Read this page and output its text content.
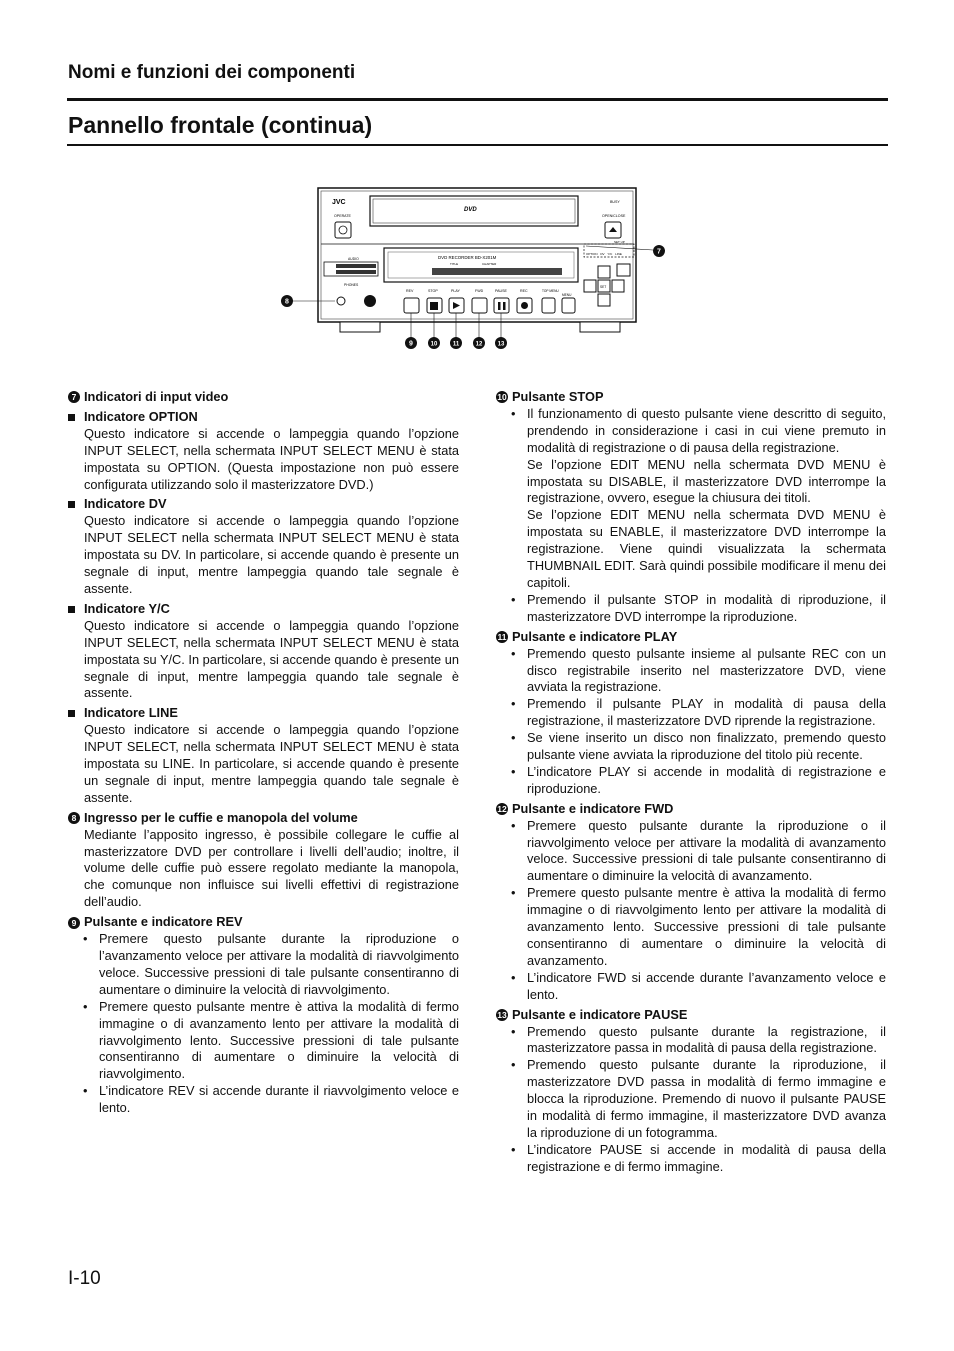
Nomi e funzioni dei componenti
Pannello frontale (continua)
JVC
OPERATE
DVD
BUSY
OPEN/CLOSE
AUDIO
PHONES
DVD RECORDER BD-X201M
TITLE	CHAPTER
OPTION DV Y/C LINE
SET UP
REV	STOP	PLAY	FWD	PAUSE	REC	TOP MENU
MENU
SET
7
8
9	10	11	12	13

7 Indicatori di input video

Indicatore OPTION

Questo indicatore si accende o lampeggia quando l’opzione INPUT SELECT, nella schermata INPUT SELECT MENU è stata impostata su OPTION. (Questa impostazione non può essere configurata utilizzando solo il masterizzatore DVD.)

Indicatore DV

Questo indicatore si accende o lampeggia quando l’opzione INPUT SELECT nella schermata INPUT SELECT MENU è stata impostata su DV. In particolare, si accende quando è presente un segnale di input, mentre lampeggia quando tale segnale è assente.

Indicatore Y/C

Questo indicatore si accende o lampeggia quando l’opzione INPUT SELECT, nella schermata INPUT SELECT MENU è stata impostata su Y/C. In particolare, si accende quando è presente un segnale di input, mentre lampeggia quando tale segnale è assente.

Indicatore LINE

Questo indicatore si accende o lampeggia quando l’opzione INPUT SELECT, nella schermata INPUT SELECT MENU è stata impostata su LINE. In particolare, si accende quando è presente un segnale di input, mentre lampeggia quando tale segnale è assente.

8 Ingresso per le cuffie e manopola del volume

Mediante l’apposito ingresso, è possibile collegare le cuffie al masterizzatore DVD per controllare i livelli dell’audio; inoltre, il volume delle cuffie può essere regolato mediante la manopola, che comunque non influisce sui livelli effettivi di registrazione dell’audio.

9 Pulsante e indicatore REV

• Premere questo pulsante durante la riproduzione o l’avanzamento veloce per attivare la modalità di riavvolgimento veloce. Successive pressioni di tale pulsante consentiranno di aumentare o diminuire la velocità di riavvolgimento.

• Premere questo pulsante mentre è attiva la modalità di fermo immagine o di avanzamento lento per attivare la modalità di riavvolgimento lento. Successive pressioni di tale pulsante consentiranno di aumentare o diminuire la velocità di riavvolgimento.

• L’indicatore REV si accende durante il riavvolgimento veloce e lento.

10 Pulsante STOP

• Il funzionamento di questo pulsante viene descritto di seguito, prendendo in considerazione i casi in cui viene premuto in modalità di registrazione o di pausa della registrazione.

Se l’opzione EDIT MENU nella schermata DVD MENU è impostata su DISABLE, il masterizzatore DVD interrompe la registrazione, ovvero, esegue la chiusura dei titoli.

Se l’opzione EDIT MENU nella schermata DVD MENU è impostata su ENABLE, il masterizzatore DVD interrompe la registrazione. Viene quindi visualizzata la schermata THUMBNAIL EDIT. Sarà quindi possibile modificare il menu dei capitoli.

• Premendo il pulsante STOP in modalità di riproduzione, il masterizzatore DVD interrompe la riproduzione.

11 Pulsante e indicatore PLAY

• Premendo questo pulsante insieme al pulsante REC con un disco registrabile inserito nel masterizzatore DVD, viene avviata la registrazione.

• Premendo il pulsante PLAY in modalità di pausa della registrazione, il masterizzatore DVD riprende la registrazione.

• Se viene inserito un disco non finalizzato, premendo questo pulsante viene avviata la riproduzione del titolo più recente.

• L’indicatore PLAY si accende in modalità di registrazione e riproduzione.

12 Pulsante e indicatore FWD

• Premere questo pulsante durante la riproduzione o il riavvolgimento veloce per attivare la modalità di avanzamento veloce. Successive pressioni di tale pulsante consentiranno di aumentare o diminuire la velocità di avanzamento.

• Premere questo pulsante mentre è attiva la modalità di fermo immagine o di riavvolgimento lento per attivare la modalità di avanzamento lento. Successive pressioni di tale pulsante consentiranno di aumentare o diminuire la velocità di avanzamento.

• L’indicatore FWD si accende durante l’avanzamento veloce e lento.

13 Pulsante e indicatore PAUSE

• Premendo questo pulsante durante la registrazione, il masterizzatore passa in modalità di pausa della registrazione.

• Premendo questo pulsante durante la riproduzione, il masterizzatore DVD passa in modalità di fermo immagine e blocca la riproduzione. Premendo di nuovo il pulsante PAUSE in modalità di fermo immagine, il masterizzatore DVD avanza la riproduzione di un fotogramma.

• L’indicatore PAUSE si accende in modalità di pausa della registrazione e di fermo immagine.

I-10
